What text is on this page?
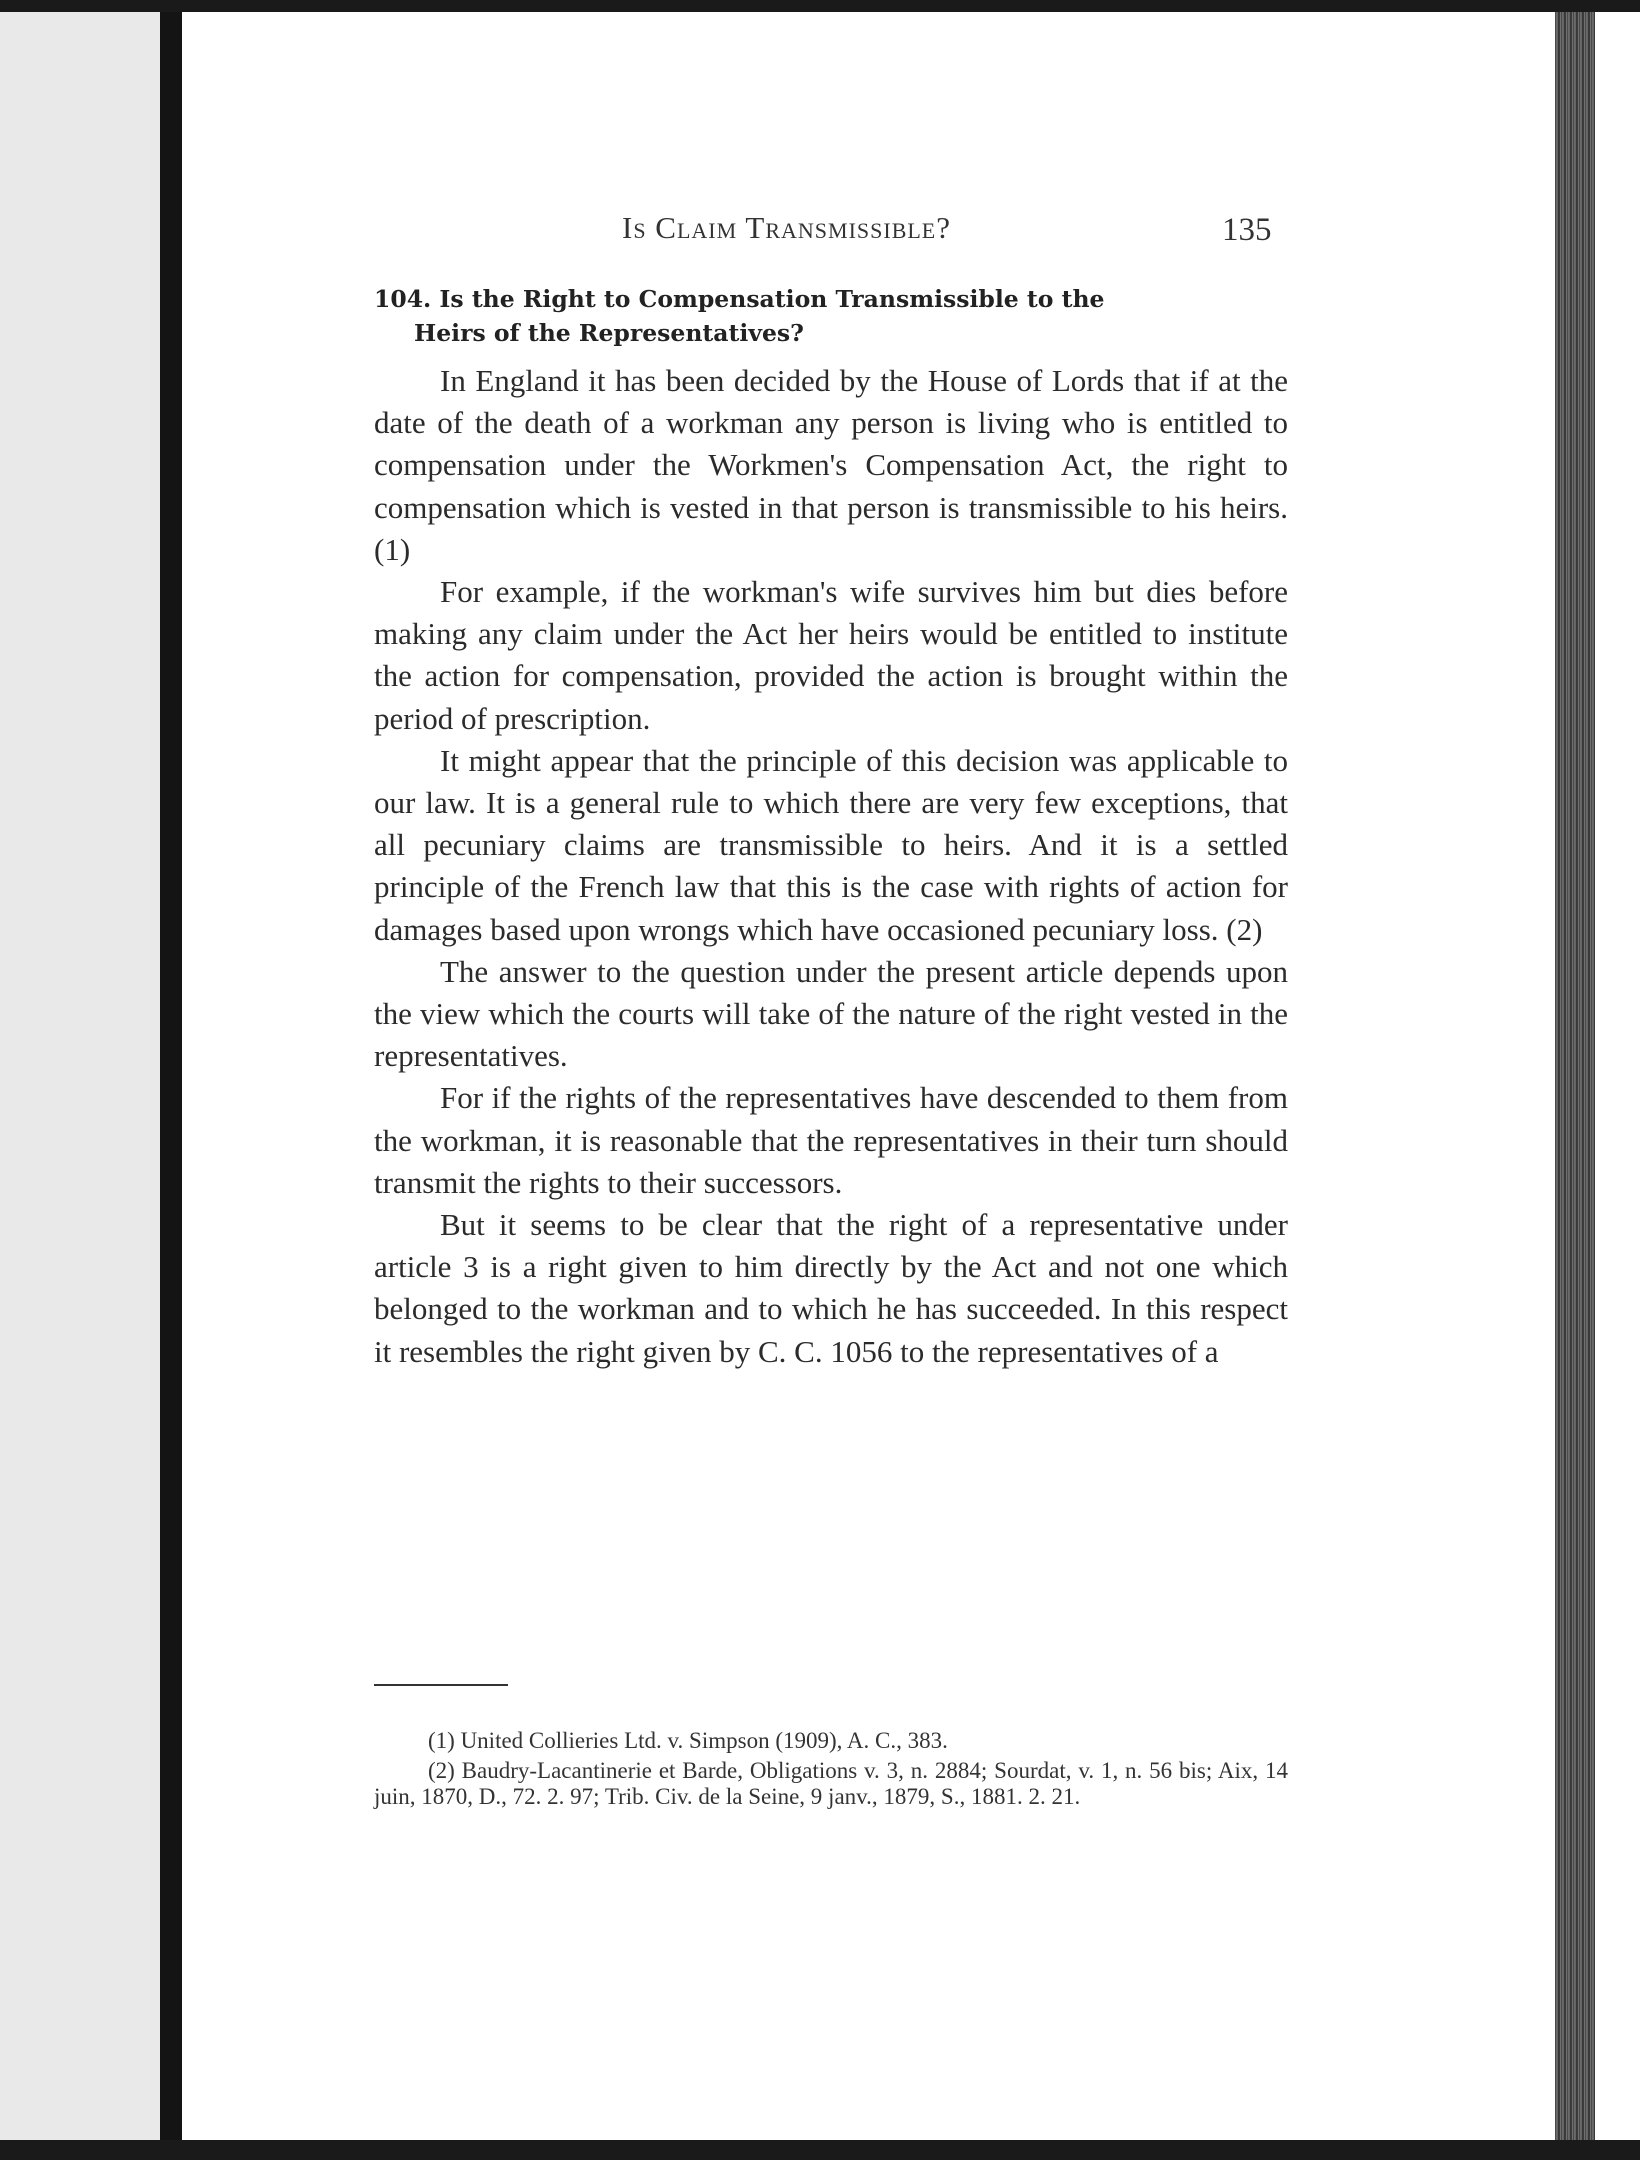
Is Claim Transmissible?	135
104. Is the Right to Compensation Transmissible to the
Heirs of the Representatives?

In England it has been decided by the House of Lords that if at the date of the death of a workman any person is living who is entitled to compensation under the Workmen's Compensation Act, the right to compensation which is vested in that person is transmissible to his heirs. (1)

For example, if the workman's wife survives him but dies before making any claim under the Act her heirs would be entitled to institute the action for compensation, provided the action is brought within the period of prescription.

It might appear that the principle of this decision was applicable to our law. It is a general rule to which there are very few exceptions, that all pecuniary claims are transmissible to heirs. And it is a settled principle of the French law that this is the case with rights of action for damages based upon wrongs which have occasioned pecuniary loss. (2)

The answer to the question under the present article depends upon the view which the courts will take of the nature of the right vested in the representatives.

For if the rights of the representatives have descended to them from the workman, it is reasonable that the representatives in their turn should transmit the rights to their successors.

But it seems to be clear that the right of a representative under article 3 is a right given to him directly by the Act and not one which belonged to the workman and to which he has succeeded. In this respect it resembles the right given by C. C. 1056 to the representatives of a

(1) United Collieries Ltd. v. Simpson (1909), A. C., 383.

(2) Baudry-Lacantinerie et Barde, Obligations v. 3, n. 2884; Sourdat, v. 1, n. 56 bis; Aix, 14 juin, 1870, D., 72. 2. 97; Trib. Civ. de la Seine, 9 janv., 1879, S., 1881. 2. 21.
